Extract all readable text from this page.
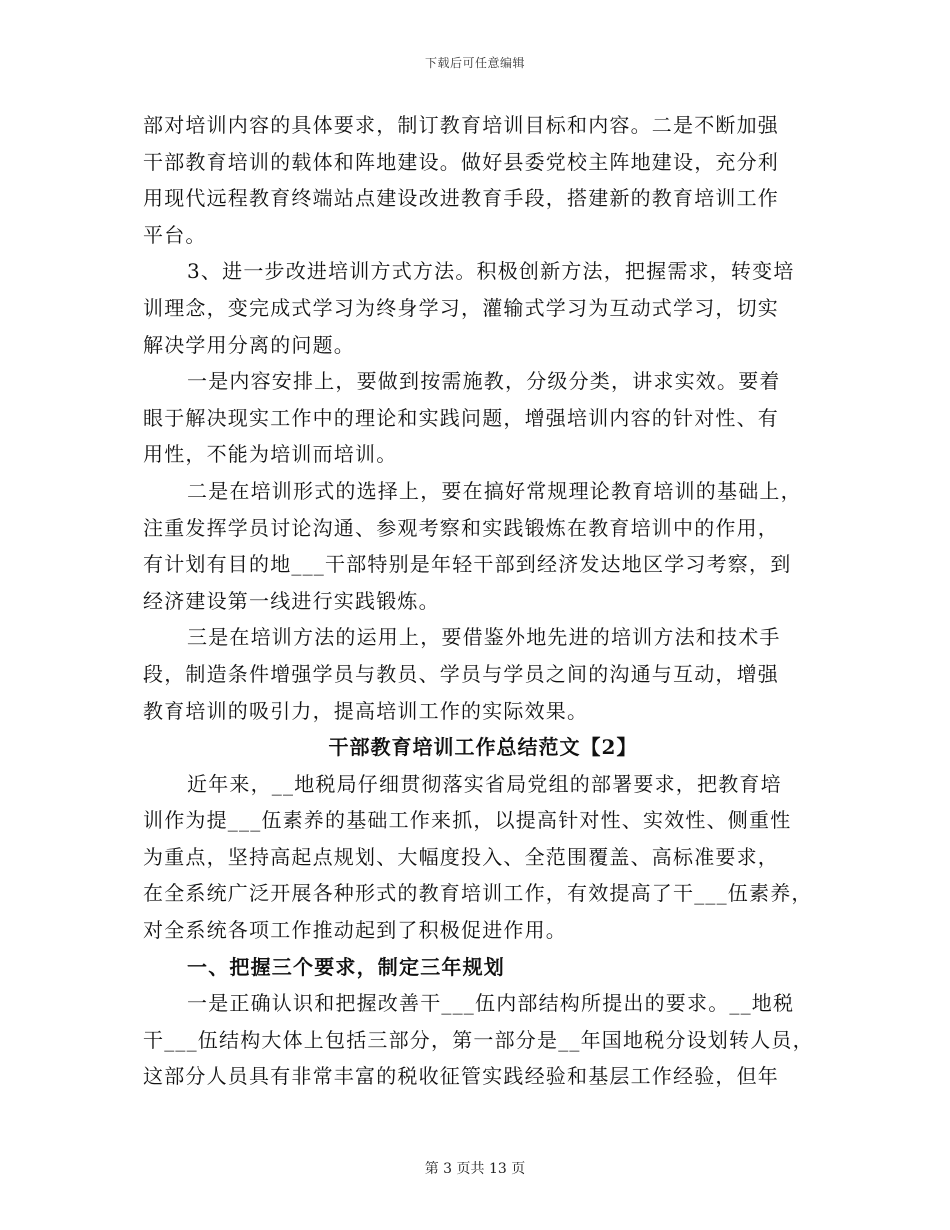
下载后可任意编辑
部对培训内容的具体要求，制订教育培训目标和内容。二是不断加强
干部教育培训的载体和阵地建设。做好县委党校主阵地建设，充分利
用现代远程教育终端站点建设改进教育手段，搭建新的教育培训工作
平台。
3、进一步改进培训方式方法。积极创新方法，把握需求，转变培
训理念，变完成式学习为终身学习，灌输式学习为互动式学习，切实
解决学用分离的问题。
一是内容安排上，要做到按需施教，分级分类，讲求实效。要着
眼于解决现实工作中的理论和实践问题，增强培训内容的针对性、有
用性，不能为培训而培训。
二是在培训形式的选择上，要在搞好常规理论教育培训的基础上，
注重发挥学员讨论沟通、参观考察和实践锻炼在教育培训中的作用，
有计划有目的地___干部特别是年轻干部到经济发达地区学习考察，到
经济建设第一线进行实践锻炼。
三是在培训方法的运用上，要借鉴外地先进的培训方法和技术手
段，制造条件增强学员与教员、学员与学员之间的沟通与互动，增强
教育培训的吸引力，提高培训工作的实际效果。
干部教育培训工作总结范文【2】
近年来，__地税局仔细贯彻落实省局党组的部署要求，把教育培
训作为提___伍素养的基础工作来抓，以提高针对性、实效性、侧重性
为重点，坚持高起点规划、大幅度投入、全范围覆盖、高标准要求，
在全系统广泛开展各种形式的教育培训工作，有效提高了干___伍素养，
对全系统各项工作推动起到了积极促进作用。
一、把握三个要求，制定三年规划
一是正确认识和把握改善干___伍内部结构所提出的要求。__地税
干___伍结构大体上包括三部分，第一部分是__年国地税分设划转人员，
这部分人员具有非常丰富的税收征管实践经验和基层工作经验，但年
第 3 页共 13 页
